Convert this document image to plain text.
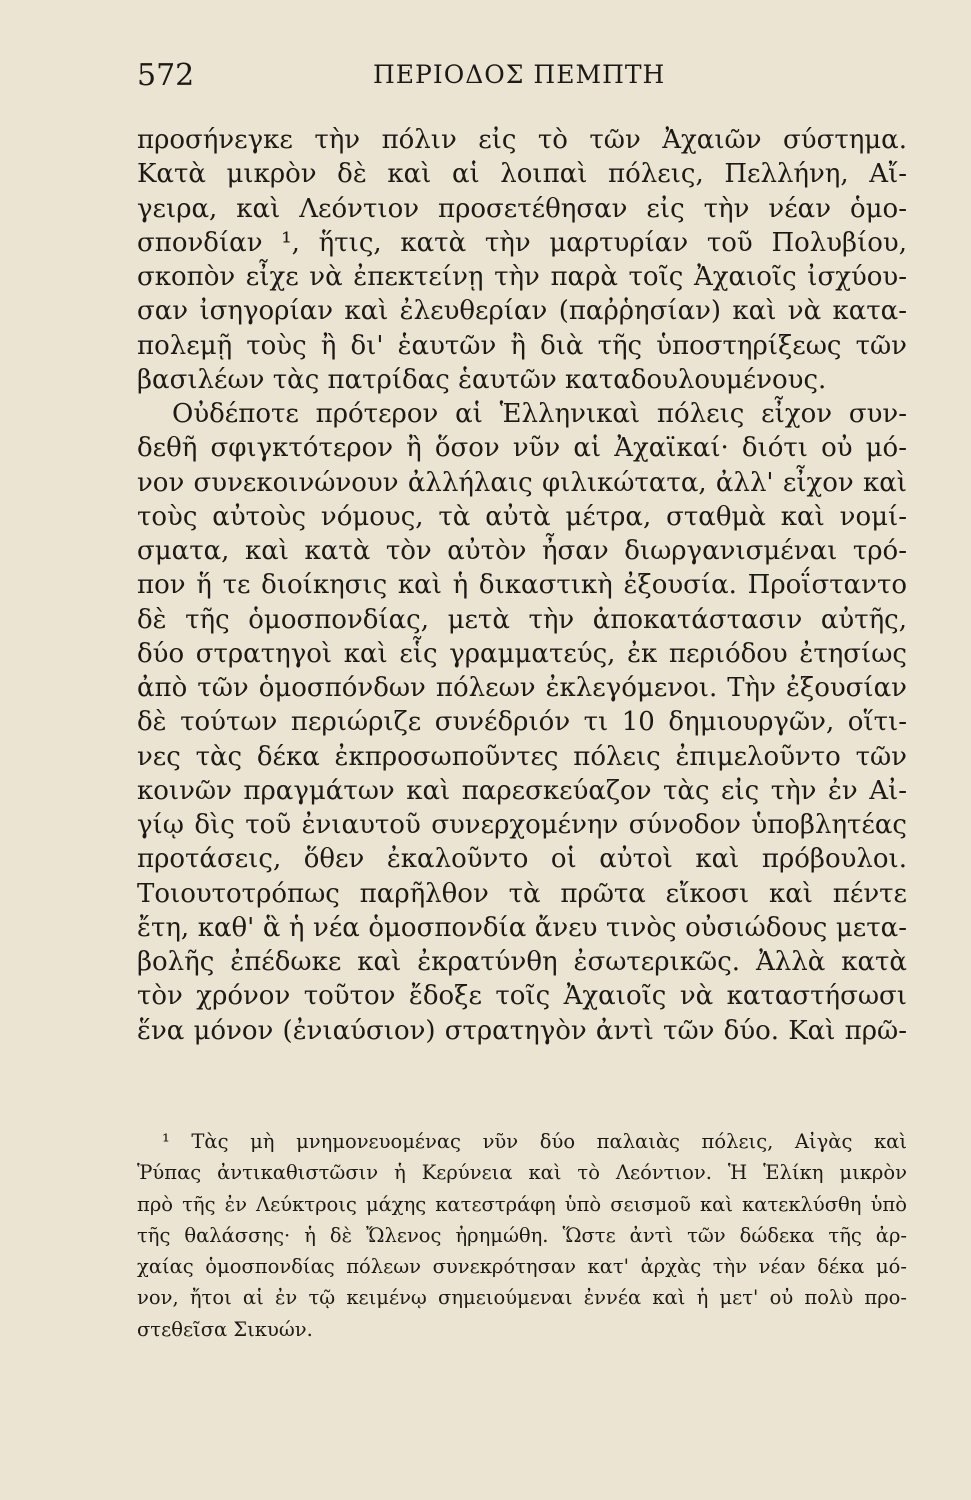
572	ΠΕΡΙΟΔΟΣ ΠΕΜΠΤΗ
προσήνεγκε τὴν πόλιν εἰς τὸ τῶν Ἀχαιῶν σύστημα.
Κατὰ μικρὸν δὲ καὶ αἱ λοιπαὶ πόλεις, Πελλήνη, Αἴ-
γειρα, καὶ Λεόντιον προσετέθησαν εἰς τὴν νέαν ὁμο-
σπονδίαν ¹, ἥτις, κατὰ τὴν μαρτυρίαν τοῦ Πολυβίου,
σκοπὸν εἶχε νὰ ἐπεκτείνῃ τὴν παρὰ τοῖς Ἀχαιοῖς ἰσχύου-
σαν ἰσηγορίαν καὶ ἐλευθερίαν (παῤῥησίαν) καὶ νὰ κατα-
πολεμῇ τοὺς ἢ δι' ἑαυτῶν ἢ διὰ τῆς ὑποστηρίξεως τῶν
βασιλέων τὰς πατρίδας ἑαυτῶν καταδουλουμένους.
Οὐδέποτε πρότερον αἱ Ἑλληνικαὶ πόλεις εἶχον συν-
δεθῆ σφιγκτότερον ἢ ὅσον νῦν αἱ Ἀχαϊκαί· διότι οὐ μό-
νον συνεκοινώνουν ἀλλήλαις φιλικώτατα, ἀλλ' εἶχον καὶ
τοὺς αὐτοὺς νόμους, τὰ αὐτὰ μέτρα, σταθμὰ καὶ νομί-
σματα, καὶ κατὰ τὸν αὐτὸν ἦσαν διωργανισμέναι τρό-
πον ἥ τε διοίκησις καὶ ἡ δικαστικὴ ἐξουσία. Προΐσταντο
δὲ τῆς ὁμοσπονδίας, μετὰ τὴν ἀποκατάστασιν αὐτῆς,
δύο στρατηγοὶ καὶ εἷς γραμματεύς, ἐκ περιόδου ἐτησίως
ἀπὸ τῶν ὁμοσπόνδων πόλεων ἐκλεγόμενοι. Τὴν ἐξουσίαν
δὲ τούτων περιώριζε συνέδριόν τι 10 δημιουργῶν, οἵτι-
νες τὰς δέκα ἐκπροσωποῦντες πόλεις ἐπιμελοῦντο τῶν
κοινῶν πραγμάτων καὶ παρεσκεύαζον τὰς εἰς τὴν ἐν Αἰ-
γίῳ δὶς τοῦ ἐνιαυτοῦ συνερχομένην σύνοδον ὑποβλητέας
προτάσεις, ὅθεν ἐκαλοῦντο οἱ αὐτοὶ καὶ πρόβουλοι.
Τοιουτοτρόπως παρῆλθον τὰ πρῶτα εἴκοσι καὶ πέντε
ἔτη, καθ' ἃ ἡ νέα ὁμοσπονδία ἄνευ τινὸς οὐσιώδους μετα-
βολῆς ἐπέδωκε καὶ ἐκρατύνθη ἐσωτερικῶς. Ἀλλὰ κατὰ
τὸν χρόνον τοῦτον ἔδοξε τοῖς Ἀχαιοῖς νὰ καταστήσωσι
ἕνα μόνον (ἐνιαύσιον) στρατηγὸν ἀντὶ τῶν δύο. Καὶ πρῶ-
¹ Τὰς μὴ μνημονευομένας νῦν δύο παλαιὰς πόλεις, Αἰγὰς καὶ
Ῥύπας ἀντικαθιστῶσιν ἡ Κερύνεια καὶ τὸ Λεόντιον. Ἡ Ἑλίκη μικρὸν
πρὸ τῆς ἐν Λεύκτροις μάχης κατεστράφη ὑπὸ σεισμοῦ καὶ κατεκλύσθη ὑπὸ
τῆς θαλάσσης· ἡ δὲ Ὤλενος ἠρημώθη. Ὥστε ἀντὶ τῶν δώδεκα τῆς ἀρ-
χαίας ὁμοσπονδίας πόλεων συνεκρότησαν κατ' ἀρχὰς τὴν νέαν δέκα μό-
νον, ἤτοι αἱ ἐν τῷ κειμένῳ σημειούμεναι ἐννέα καὶ ἡ μετ' οὐ πολὺ προ-
στεθεῖσα Σικυών.
